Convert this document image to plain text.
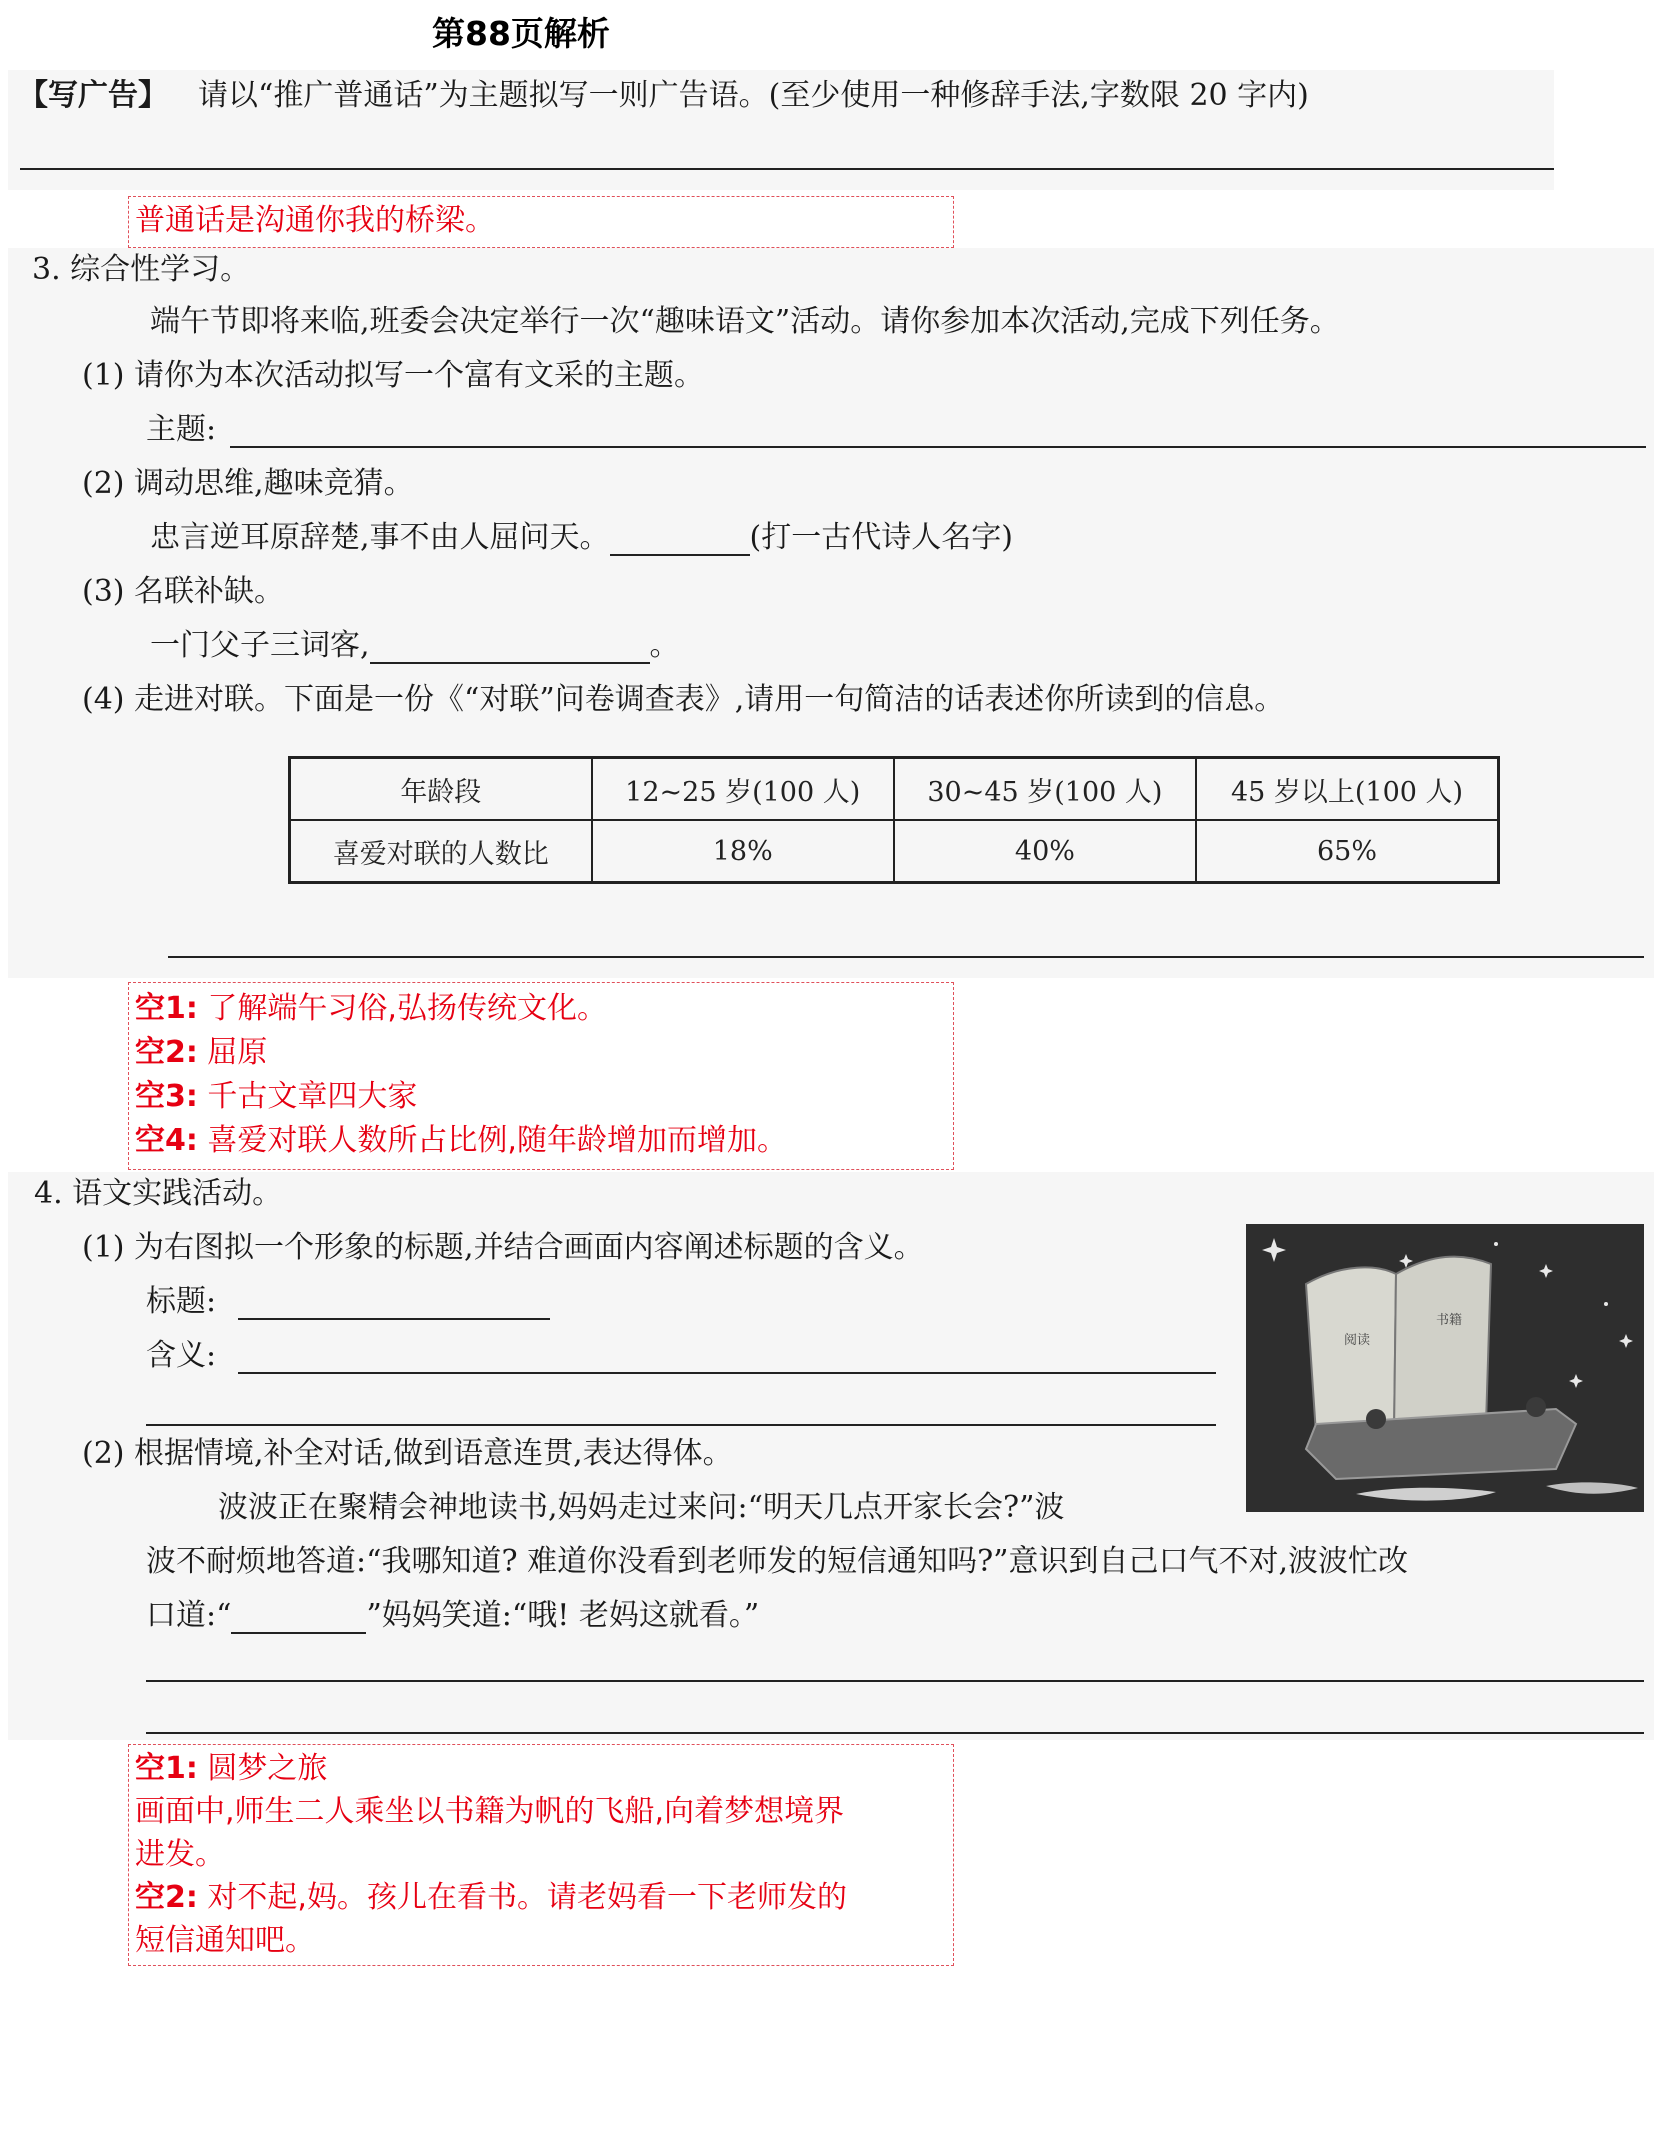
第88页解析
【写广告】 请以“推广普通话”为主题拟写一则广告语。(至少使用一种修辞手法,字数限 20 字内)
普通话是沟通你我的桥梁。
3. 综合性学习。
端午节即将来临,班委会决定举行一次“趣味语文”活动。请你参加本次活动,完成下列任务。
(1) 请你为本次活动拟写一个富有文采的主题。
主题:
(2) 调动思维,趣味竞猜。
忠言逆耳原辞楚,事不由人屈问天。	(打一古代诗人名字)
(3) 名联补缺。
一门父子三词客,	。
(4) 走进对联。下面是一份《“对联”问卷调查表》,请用一句简洁的话表述你所读到的信息。
年龄段	12~25 岁(100 人)	30~45 岁(100 人)	45 岁以上(100 人)
喜爱对联的人数比	18%	40%	65%
空1: 了解端午习俗,弘扬传统文化。
空2: 屈原
空3: 千古文章四大家
空4: 喜爱对联人数所占比例,随年龄增加而增加。
4. 语文实践活动。
(1) 为右图拟一个形象的标题,并结合画面内容阐述标题的含义。
标题:
含义:
(2) 根据情境,补全对话,做到语意连贯,表达得体。
波波正在聚精会神地读书,妈妈走过来问:“明天几点开家长会?”波
波不耐烦地答道:“我哪知道? 难道你没看到老师发的短信通知吗?”意识到自己口气不对,波波忙改
口道:“	”妈妈笑道:“哦! 老妈这就看。”
阅读
书籍
空1: 圆梦之旅
画面中,师生二人乘坐以书籍为帆的飞船,向着梦想境界
进发。
空2: 对不起,妈。孩儿在看书。请老妈看一下老师发的
短信通知吧。
